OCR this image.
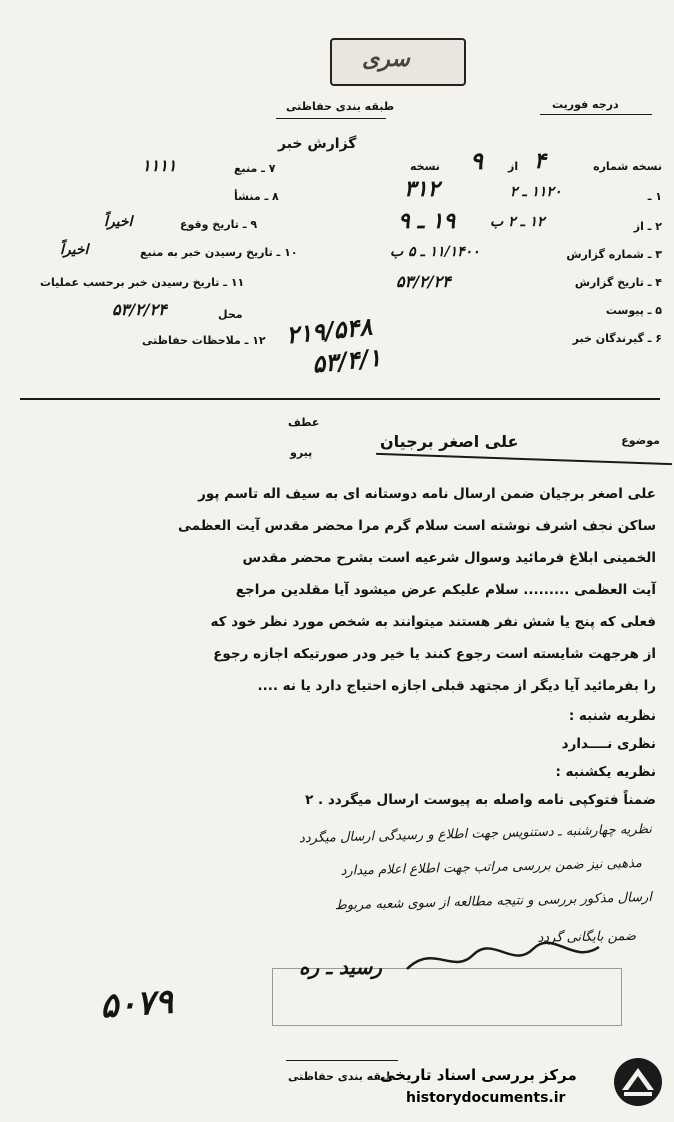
سری
طبقه بندی حفاظتی	درجه فوریت
گزارش خبر
نسخه شماره
۴
از
۹
نسخه
۱ ـ
۱۱۲۰ ـ ۲
۳۱۲
۲ ـ از
۱۲ ـ ۲ ب
۱۹ ـ ۹
۳ ـ شماره گزارش
۱۱/۱۴۰۰ ـ ۵ ب
۴ ـ تاریخ گزارش
۵۳/۲/۲۴
۵ ـ پیوست
۶ ـ گیرندگان خبر
۷ ـ منبع
۱۱۱۱
۸ ـ منشأ
۹ ـ تاریخ وقوع
اخیراً
۱۰ ـ تاریخ رسیدن خبر به منبع
اخیراً
۱۱ ـ تاریخ رسیدن خبر برحسب عملیات
محل
۵۳/۲/۲۴
۱۲ ـ ملاحظات حفاظتی ۲۱۹/۵۴۸
۵۳/۴/۱
عطف
پیرو
موضوع
علی اصغر برجیان
علی اصغر برجیان ضمن ارسال نامه دوستانه ای به سیف اله تاسم پور
ساکن نجف اشرف نوشته است سلام گرم مرا محضر مقدس آیت العظمی
الخمینی ابلاغ فرمائید وسوال شرعیه است بشرح محضر مقدس
آیت العظمی ......... سلام علیکم عرض میشود آیا مقلدین مراجع
فعلی که پنج یا شش نفر هستند میتوانند به شخص مورد نظر خود که
از هرجهت شایسته است رجوع کنند یا خیر ودر صورتیکه اجازه رجوع
را بفرمائید آیا دیگر از مجتهد قبلی اجازه احتیاج دارد یا نه ....
نظریه شنبه :
نظری نــــدارد
نظریه یکشنبه :
ضمناً فتوکپی نامه واصله به پیوست ارسال میگردد . ۲
نظریه چهارشنبه ـ دستنویس جهت اطلاع و رسیدگی ارسال میگردد
مذهبی نیز ضمن بررسی مراتب جهت اطلاع اعلام میدارد
ارسال مذکور بررسی و نتیجه مطالعه از سوی شعبه مربوط
ضمن بایگانی گردد
رسید ـ ره
۵۰۷۹
طبقه بندی حفاظتی
مرکز بررسی اسناد تاریخی
historydocuments.ir
